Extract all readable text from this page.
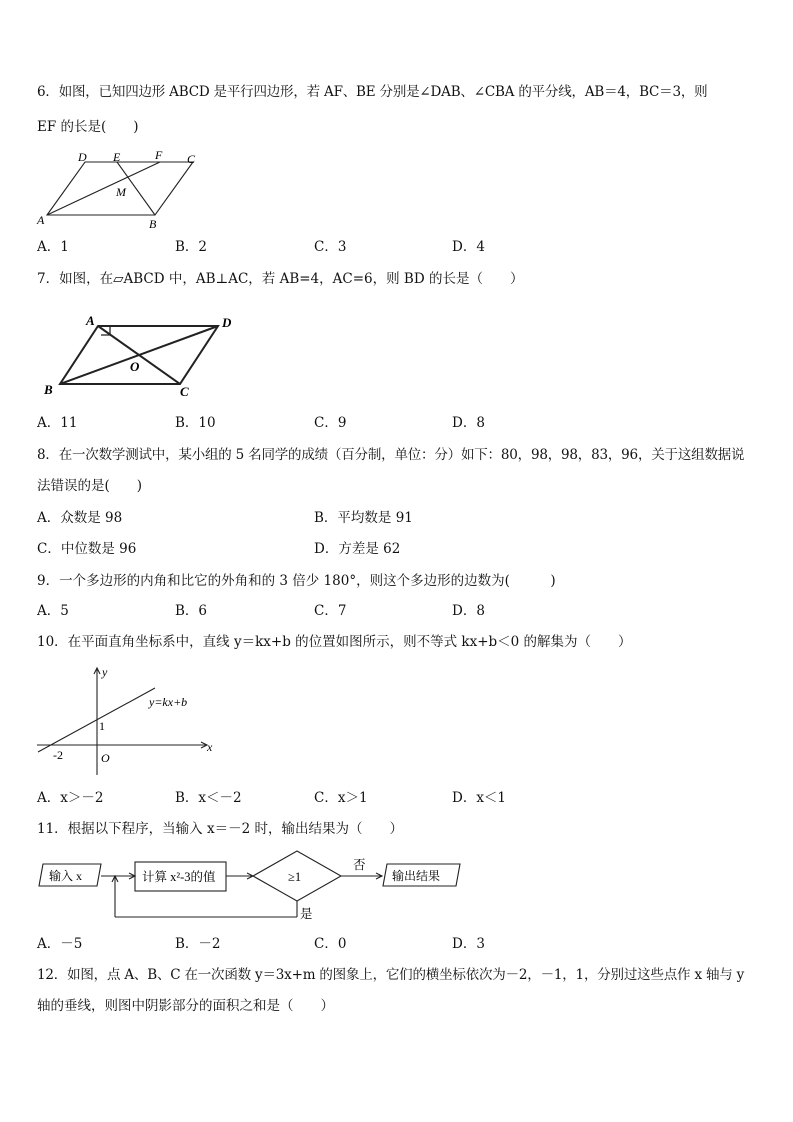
6．如图，已知四边形 ABCD 是平行四边形，若 AF、BE 分别是∠DAB、∠CBA 的平分线，AB＝4，BC＝3，则
EF 的长是(　　)
D E	F C
M
A	B
A．1	B．2	C．3	D．4
7．如图，在▱ABCD 中，AB⊥AC，若 AB=4，AC=6，则 BD 的长是（　　）
A	D
O
B	C
A．11	B．10	C．9	D．8
8．在一次数学测试中，某小组的 5 名同学的成绩（百分制，单位：分）如下：80，98，98，83，96，关于这组数据说
法错误的是(　　)
A．众数是 98	B．平均数是 91
C．中位数是 96	D．方差是 62
9．一个多边形的内角和比它的外角和的 3 倍少 180°，则这个多边形的边数为(　　　)
A．5	B．6	C．7	D．8
10．在平面直角坐标系中，直线 y＝kx+b 的位置如图所示，则不等式 kx+b＜0 的解集为（　　）
y
x
y=kx+b
1
-2	O
A．x＞－2	B．x＜－2	C．x＞1	D．x＜1
11．根据以下程序，当输入 x＝－2 时，输出结果为（　　）
输入 x	计算 x²-3的值	≥1
否
是
输出结果
A．－5	B．－2	C．0	D．3
12．如图，点 A、B、C 在一次函数 y＝3x+m 的图象上，它们的横坐标依次为－2，－1，1，分别过这些点作 x 轴与 y
轴的垂线，则图中阴影部分的面积之和是（　　）
